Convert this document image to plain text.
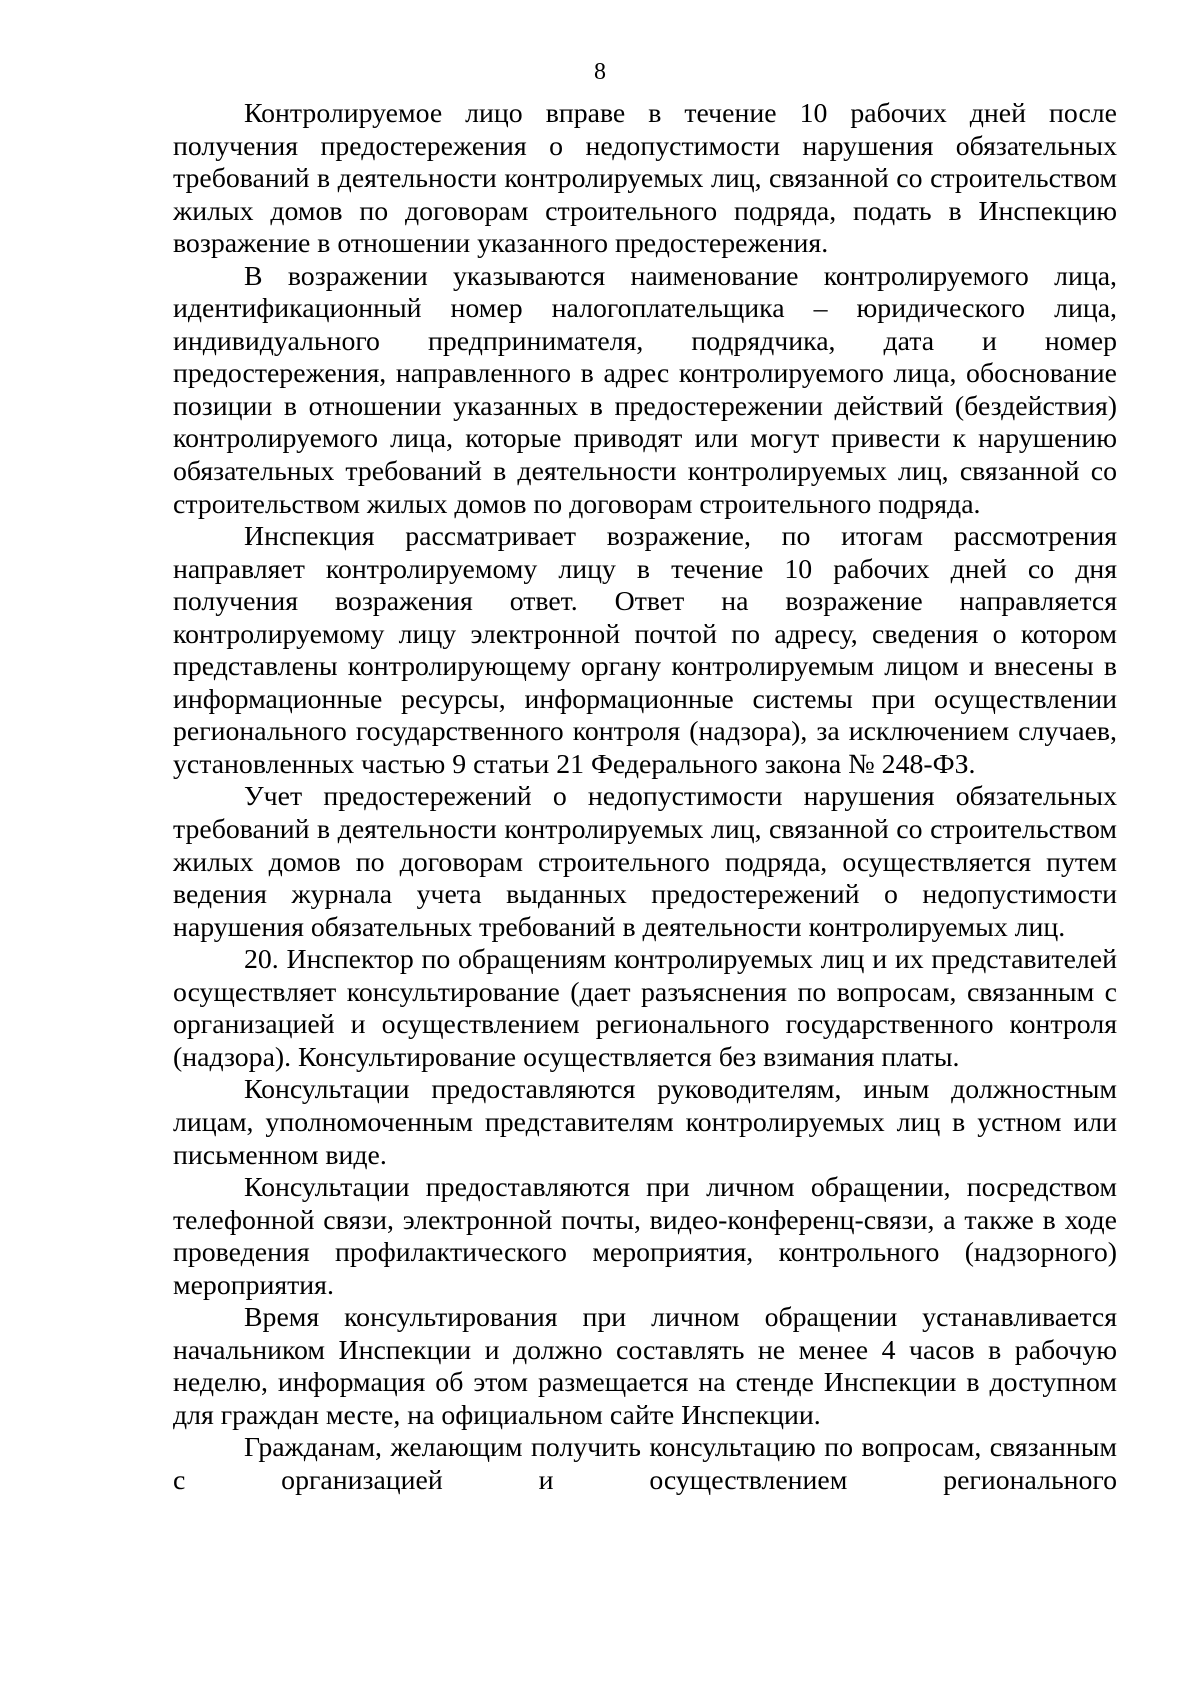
8

Контролируемое лицо вправе в течение 10 рабочих дней после получения предостережения о недопустимости нарушения обязательных требований в деятельности контролируемых лиц, связанной со строительством жилых домов по договорам строительного подряда, подать в Инспекцию возражение в отношении указанного предостережения.

В возражении указываются наименование контролируемого лица, идентификационный номер налогоплательщика – юридического лица, индивидуального предпринимателя, подрядчика, дата и номер предостережения, направленного в адрес контролируемого лица, обоснование позиции в отношении указанных в предостережении действий (бездействия) контролируемого лица, которые приводят или могут привести к нарушению обязательных требований в деятельности контролируемых лиц, связанной со строительством жилых домов по договорам строительного подряда.

Инспекция рассматривает возражение, по итогам рассмотрения направляет контролируемому лицу в течение 10 рабочих дней со дня получения возражения ответ. Ответ на возражение направляется контролируемому лицу электронной почтой по адресу, сведения о котором представлены контролирующему органу контролируемым лицом и внесены в информационные ресурсы, информационные системы при осуществлении регионального государственного контроля (надзора), за исключением случаев, установленных частью 9 статьи 21 Федерального закона № 248-ФЗ.

Учет предостережений о недопустимости нарушения обязательных требований в деятельности контролируемых лиц, связанной со строительством жилых домов по договорам строительного подряда, осуществляется путем ведения журнала учета выданных предостережений о недопустимости нарушения обязательных требований в деятельности контролируемых лиц.

20. Инспектор по обращениям контролируемых лиц и их представителей осуществляет консультирование (дает разъяснения по вопросам, связанным с организацией и осуществлением регионального государственного контроля (надзора). Консультирование осуществляется без взимания платы.

Консультации предоставляются руководителям, иным должностным лицам, уполномоченным представителям контролируемых лиц в устном или письменном виде.

Консультации предоставляются при личном обращении, посредством телефонной связи, электронной почты, видео-конференц-связи, а также в ходе проведения профилактического мероприятия, контрольного (надзорного) мероприятия.

Время консультирования при личном обращении устанавливается начальником Инспекции и должно составлять не менее 4 часов в рабочую неделю, информация об этом размещается на стенде Инспекции в доступном для граждан месте, на официальном сайте Инспекции.

Гражданам, желающим получить консультацию по вопросам, связанным с организацией и осуществлением регионального
